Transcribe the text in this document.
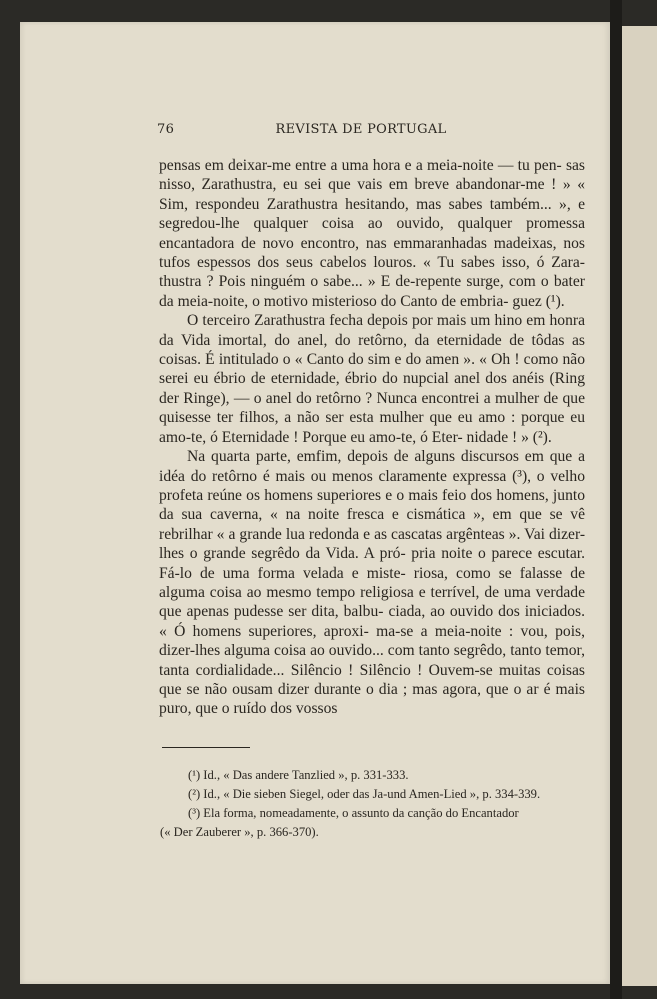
76	REVISTA DE PORTUGAL

pensas em deixar-me entre a uma hora e a meia-noite — tu pen- sas nisso, Zarathustra, eu sei que vais em breve abandonar-me ! » « Sim, respondeu Zarathustra hesitando, mas sabes também... », e segredou-lhe qualquer coisa ao ouvido, qualquer promessa encantadora de novo encontro, nas emmaranhadas madeixas, nos tufos espessos dos seus cabelos louros. « Tu sabes isso, ó Zara- thustra ? Pois ninguém o sabe... » E de-repente surge, com o bater da meia-noite, o motivo misterioso do Canto de embria- guez (¹).

O terceiro Zarathustra fecha depois por mais um hino em honra da Vida imortal, do anel, do retôrno, da eternidade de tôdas as coisas. É intitulado o « Canto do sim e do amen ». « Oh ! como não serei eu ébrio de eternidade, ébrio do nupcial anel dos anéis (Ring der Ringe), — o anel do retôrno ? Nunca encontrei a mulher de que quisesse ter filhos, a não ser esta mulher que eu amo : porque eu amo-te, ó Eternidade ! Porque eu amo-te, ó Eter- nidade ! » (²).

Na quarta parte, emfim, depois de alguns discursos em que a idéa do retôrno é mais ou menos claramente expressa (³), o velho profeta reúne os homens superiores e o mais feio dos homens, junto da sua caverna, « na noite fresca e cismática », em que se vê rebrilhar « a grande lua redonda e as cascatas argênteas ». Vai dizer-lhes o grande segrêdo da Vida. A pró- pria noite o parece escutar. Fá-lo de uma forma velada e miste- riosa, como se falasse de alguma coisa ao mesmo tempo religiosa e terrível, de uma verdade que apenas pudesse ser dita, balbu- ciada, ao ouvido dos iniciados. « Ó homens superiores, aproxi- ma-se a meia-noite : vou, pois, dizer-lhes alguma coisa ao ouvido... com tanto segrêdo, tanto temor, tanta cordialidade... Silêncio ! Silêncio ! Ouvem-se muitas coisas que se não ousam dizer durante o dia ; mas agora, que o ar é mais puro, que o ruído dos vossos

(¹) Id., « Das andere Tanzlied », p. 331-333.
(²) Id., « Die sieben Siegel, oder das Ja-und Amen-Lied », p. 334-339.
(³) Ela forma, nomeadamente, o assunto da canção do Encantador
(« Der Zauberer », p. 366-370).
